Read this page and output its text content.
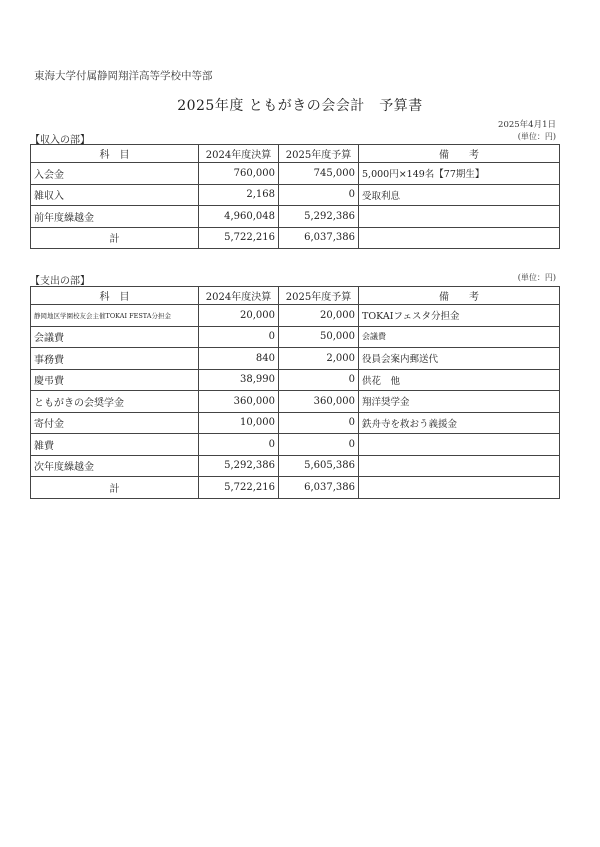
東海大学付属静岡翔洋高等学校中等部
2025年度 ともがきの会会計　予算書
2025年4月1日
【収入の部】	(単位：円)
科　目	2024年度決算	2025年度予算	備　　考
入会金	760,000	745,000	5,000円×149名【77期生】
雑収入	2,168	0	受取利息
前年度繰越金	4,960,048	5,292,386	
計	5,722,216	6,037,386	
【支出の部】	(単位：円)
科　目	2024年度決算	2025年度予算	備　　考
静岡地区学園校友会主催TOKAI FESTA分担金	20,000	20,000	TOKAIフェスタ分担金
会議費	0	50,000	会議費
事務費	840	2,000	役員会案内郵送代
慶弔費	38,990	0	供花　他
ともがきの会奨学金	360,000	360,000	翔洋奨学金
寄付金	10,000	0	鉄舟寺を救おう義援金
雑費	0	0	
次年度繰越金	5,292,386	5,605,386	
計	5,722,216	6,037,386	
